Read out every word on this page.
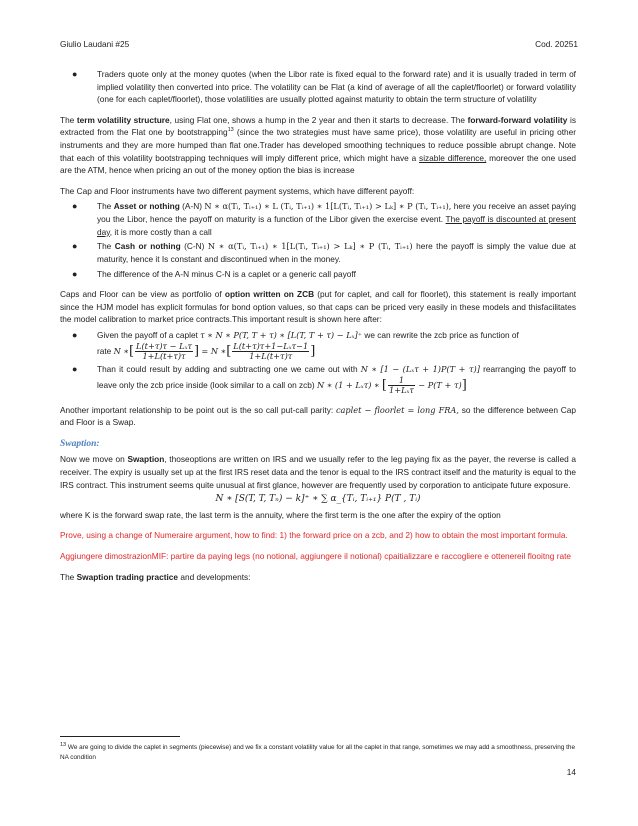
Giulio Laudani #25	Cod. 20251
● Traders quote only at the money quotes (when the Libor rate is fixed equal to the forward rate) and it is usually traded in term of implied volatility then converted into price. The volatility can be Flat (a kind of average of all the caplet/floorlet) or forward volatility (one for each caplet/floorlet), those volatilities are usually plotted against maturity to obtain the term structure of volatility

The term volatility structure, using Flat one, shows a hump in the 2 year and then it starts to decrease. The forward-forward volatility is extracted from the Flat one by bootstrapping$^{13}$ (since the two strategies must have same price), those volatility are useful in pricing other instruments and they are more humped than flat one.Trader has developed smoothing techniques to reduce possible abrupt change. Note that each of this volatility bootstrapping techniques will imply different price, which might have a sizable difference, moreover the one used are the ATM, hence when pricing an out of the money option the bias is increase

The Cap and Floor instruments have two different payment systems, which have different payoff:

● The Asset or nothing (A-N) N ∗ α(Tᵢ, Tᵢ₊₁) ∗ L (Tᵢ, Tᵢ₊₁) ∗ 1[L(Tᵢ, Tᵢ₊₁) > Lₖ] ∗ P (Tᵢ, Tᵢ₊₁), here you receive an asset paying you the Libor, hence the payoff on maturity is a function of the Libor given the exercise event. The payoff is discounted at present day, it is more costly than a call
● The Cash or nothing (C-N) N ∗ α(Tᵢ, Tᵢ₊₁) ∗ 1[L(Tᵢ, Tᵢ₊₁) > Lₖ] ∗ P (Tᵢ, Tᵢ₊₁) here the payoff is simply the value due at maturity, hence it Is constant and discontinued when in the money.
● The difference of the A-N minus C-N is a caplet or a generic call payoff

Caps and Floor can be view as portfolio of option written on ZCB (put for caplet, and call for floorlet), this statement is really important since the HJM model has explicit formulas for bond option values, so that caps can be priced very easily in these models and thisfacilitates the model calibration to market price contracts.This important result is shown here after:

● Given the payoff of a caplet τ ∗ N ∗ P(T, T + τ) ∗ [L(T, T + τ) − Lₓ]⁺ we can rewrite the zcb price as function of
rate N ∗[ $\frac{\text{L(t+τ)τ − Lₓτ}}{1+L(t+\tau)\tau}$ ] = N ∗[ $\frac{\text{L(t+τ)τ+1−Lₓτ−1}}{1+L(t+\tau)\tau}$ ]
● Than it could result by adding and subtracting one we came out with N ∗ [1 − (Lₓτ + 1)P(T + τ)] rearranging the payoff to leave only the zcb price inside (look similar to a call on zcb) N ∗ (1 + Lₓτ) ∗ [ $\frac{1}{\text{1+Lₓτ}} - P(T + \tau)$]

Another important relationship to be point out is the so call put-call parity: caplet − floorlet = long FRA, so the difference between Cap and Floor is a Swap.

Swaption:

Now we move on Swaption, thoseoptions are written on IRS and we usually refer to the leg paying fix as the payer, the reverse is called a receiver. The expiry is usually set up at the first IRS reset data and the tenor is equal to the IRS contract itself and the maturity is equal to the IRS contract. This instrument seems quite unusual at first glance, however are frequently used by corporation to anticipate future exposure.

N ∗ [S(T, T, Tₙ) − k]⁺ ∗ ∑ α_{Tᵢ, Tᵢ₊₁} P(T , Tᵢ)

where K is the forward swap rate, the last term is the annuity, where the first term is the one after the expiry of the option

Prove, using a change of Numeraire argument, how to find: 1) the forward price on a zcb, and 2) how to obtain the most important formula.

Aggiungere dimostrazionMIF: partire da paying legs (no notional, aggiungere il notional) cpaitializzare e raccogliere e ottenereil flooitng rate

The Swaption trading practice and developments:

$^{13}$ We are going to divide the caplet in segments (piecewise) and we fix a constant volatility value for all the caplet in that range, sometimes we may add a smoothness, preserving the NA condition
14
